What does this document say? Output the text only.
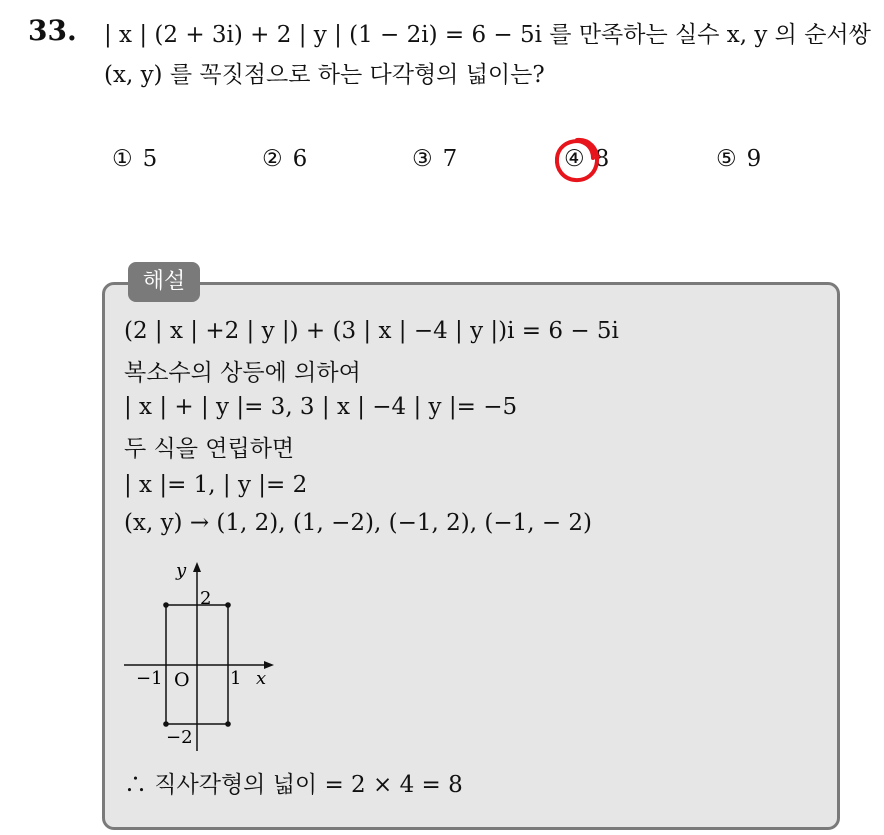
33. | x | (2 + 3i) + 2 | y | (1 − 2i) = 6 − 5i 를 만족하는 실수 x, y 의 순서쌍
(x, y) 를 꼭짓점으로 하는 다각형의 넓이는?
① 5	② 6	③ 7	④ 8	⑤ 9
해설
(2 | x | +2 | y |) + (3 | x | −4 | y |)i = 6 − 5i
복소수의 상등에 의하여
| x | + | y |= 3, 3 | x | −4 | y |= −5
두 식을 연립하면
| x |= 1, | y |= 2
(x, y) → (1, 2), (1, −2), (−1, 2), (−1, − 2)
y
x
−1 O 1
2
−2
∴ 직사각형의 넓이 = 2 × 4 = 8
